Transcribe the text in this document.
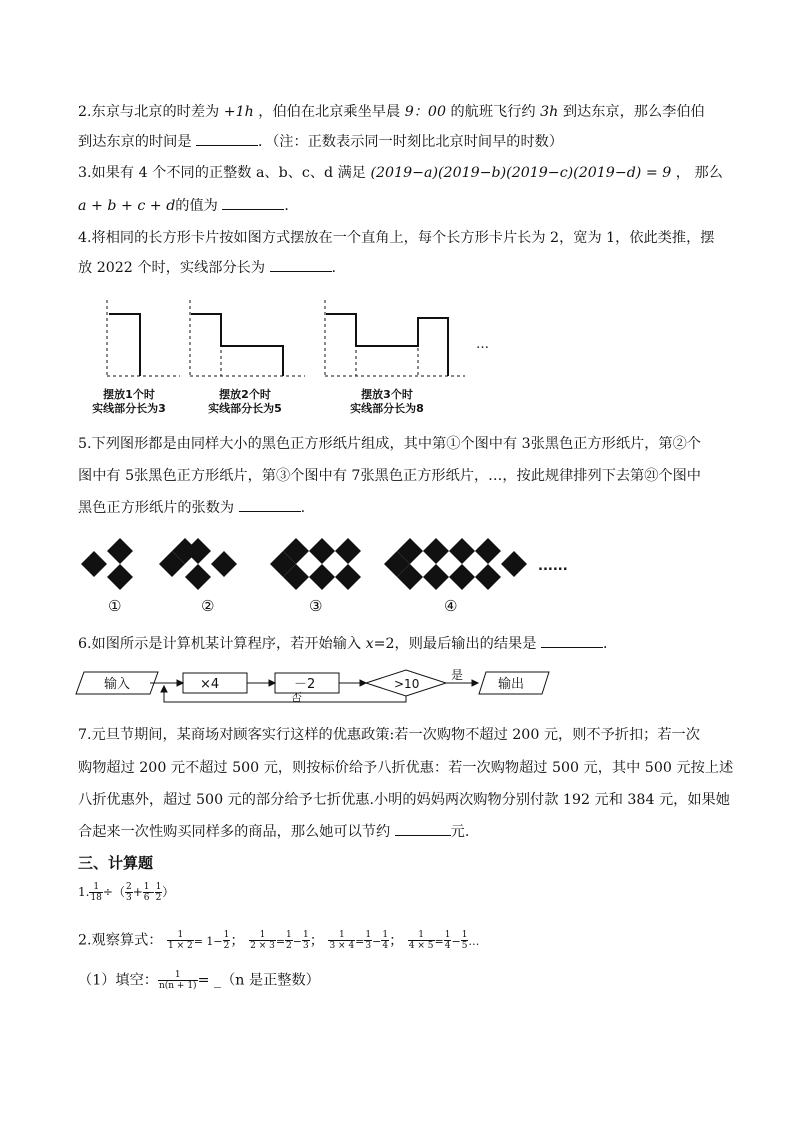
2.东京与北京的时差为 +1h ，伯伯在北京乘坐早晨 9：00 的航班飞行约 3h 到达东京，那么李伯伯
到达东京的时间是	．（注：正数表示同一时刻比北京时间早的时数）
3.如果有 4 个不同的正整数 a、b、c、d 满足 (2019−a)(2019−b)(2019−c)(2019−d) = 9 ， 那么
a + b + c + d的值为	．
4.将相同的长方形卡片按如图方式摆放在一个直角上，每个长方形卡片长为 2，宽为 1，依此类推，摆
放 2022 个时，实线部分长为	.
…
摆放1个时
实线部分长为3
摆放2个时
实线部分长为5
摆放3个时
实线部分长为8
5.下列图形都是由同样大小的黑色正方形纸片组成，其中第①个图中有 3张黑色正方形纸片，第②个
图中有 5张黑色正方形纸片，第③个图中有 7张黑色正方形纸片，…，按此规律排列下去第㉑个图中
黑色正方形纸片的张数为	.
......
①	②	③	④
6.如图所示是计算机某计算程序，若开始输入 x=2，则最后输出的结果是	．
输入	×4	－2	>10
是
否
输出
7.元旦节期间，某商场对顾客实行这样的优惠政策:若一次购物不超过 200 元，则不予折扣；若一次
购物超过 200 元不超过 500 元，则按标价给予八折优惠：若一次购物超过 500 元，其中 500 元按上述
八折优惠外，超过 500 元的部分给予七折优惠.小明的妈妈两次购物分别付款 192 元和 384 元，如果她
合起来一次性购买同样多的商品，那么她可以节约	元.
三、计算题
1. $\frac{1}{18}$ ÷（ $\frac{2}{3} + \frac{1}{6} - \frac{1}{2}$ ）
2.观察算式： $\frac{1}{1 \times 2} = 1- \frac{1}{2}$ ； $\frac{1}{2 \times 3} = \frac{1}{2} - \frac{1}{3}$ ； $\frac{1}{3 \times 4} = \frac{1}{3} - \frac{1}{4}$ ； $\frac{1}{4 \times 5} = \frac{1}{4} - \frac{1}{5}$ …
（1）填空： $\frac{1}{n(n + 1)}$ = _（n 是正整数）
